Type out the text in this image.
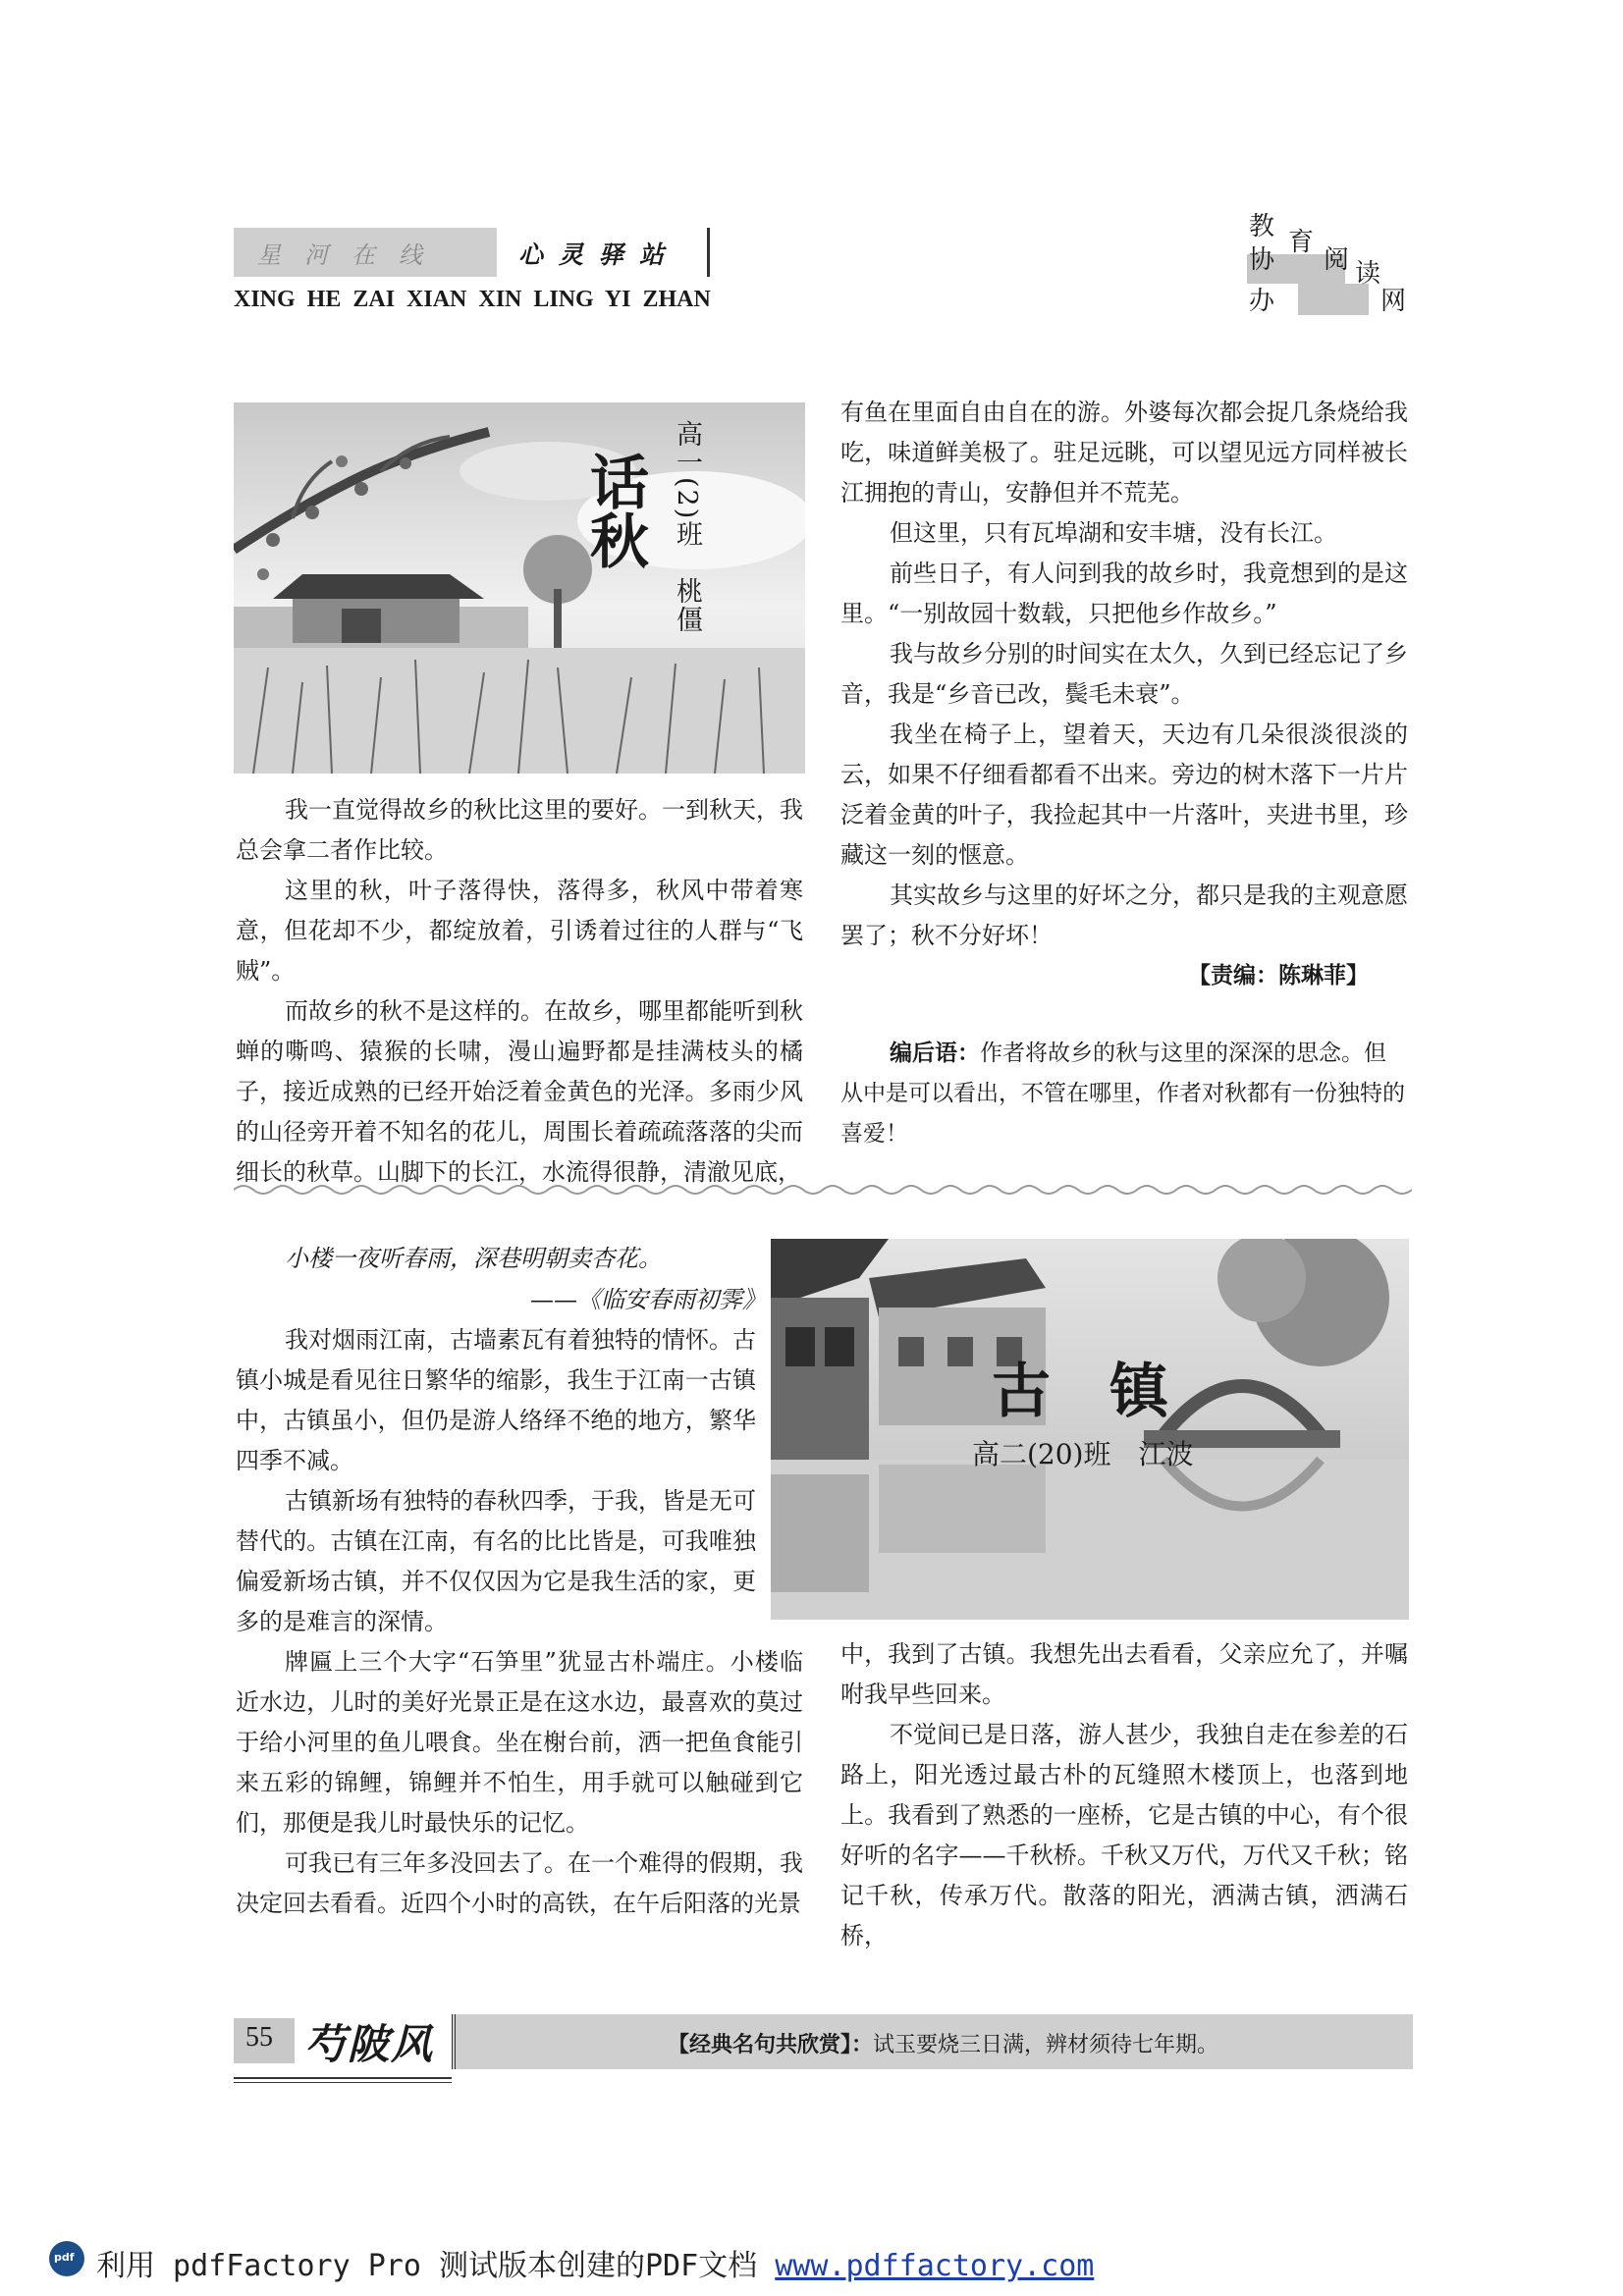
星河在线	心灵驿站
XING HE ZAI XIAN XIN LING YI ZHAN
教
育
阅 读
协
办	网
话秋 高一(2)班　桃僵

我一直觉得故乡的秋比这里的要好。一到秋天，我总会拿二者作比较。

这里的秋，叶子落得快，落得多，秋风中带着寒意，但花却不少，都绽放着，引诱着过往的人群与“飞贼”。

而故乡的秋不是这样的。在故乡，哪里都能听到秋蝉的嘶鸣、猿猴的长啸，漫山遍野都是挂满枝头的橘子，接近成熟的已经开始泛着金黄色的光泽。多雨少风的山径旁开着不知名的花儿，周围长着疏疏落落的尖而细长的秋草。山脚下的长江，水流得很静，清澈见底，

有鱼在里面自由自在的游。外婆每次都会捉几条烧给我吃，味道鲜美极了。驻足远眺，可以望见远方同样被长江拥抱的青山，安静但并不荒芜。

但这里，只有瓦埠湖和安丰塘，没有长江。

前些日子，有人问到我的故乡时，我竟想到的是这里。“一别故园十数载，只把他乡作故乡。”

我与故乡分别的时间实在太久，久到已经忘记了乡音，我是“乡音已改，鬓毛未衰”。

我坐在椅子上，望着天，天边有几朵很淡很淡的云，如果不仔细看都看不出来。旁边的树木落下一片片泛着金黄的叶子，我捡起其中一片落叶，夹进书里，珍藏这一刻的惬意。

其实故乡与这里的好坏之分，都只是我的主观意愿罢了；秋不分好坏！

【责编：陈琳菲】
编后语：作者将故乡的秋与这里的深深的思念。但从中是可以看出，不管在哪里，作者对秋都有一份独特的喜爱！
古镇
高二(20)班　江波
小楼一夜听春雨，深巷明朝卖杏花。
——《临安春雨初霁》

我对烟雨江南，古墙素瓦有着独特的情怀。古镇小城是看见往日繁华的缩影，我生于江南一古镇中，古镇虽小，但仍是游人络绎不绝的地方，繁华四季不减。

古镇新场有独特的春秋四季，于我，皆是无可替代的。古镇在江南，有名的比比皆是，可我唯独偏爱新场古镇，并不仅仅因为它是我生活的家，更多的是难言的深情。

牌匾上三个大字“石笋里”犹显古朴端庄。小楼临近水边，儿时的美好光景正是在这水边，最喜欢的莫过于给小河里的鱼儿喂食。坐在榭台前，洒一把鱼食能引来五彩的锦鲤，锦鲤并不怕生，用手就可以触碰到它们，那便是我儿时最快乐的记忆。

可我已有三年多没回去了。在一个难得的假期，我决定回去看看。近四个小时的高铁，在午后阳落的光景

中，我到了古镇。我想先出去看看，父亲应允了，并嘱咐我早些回来。

不觉间已是日落，游人甚少，我独自走在参差的石路上，阳光透过最古朴的瓦缝照木楼顶上，也落到地上。我看到了熟悉的一座桥，它是古镇的中心，有个很好听的名字——千秋桥。千秋又万代，万代又千秋；铭记千秋，传承万代。散落的阳光，洒满古镇，洒满石桥，

55 芍陂风	【经典名句共欣赏】：试玉要烧三日满，辨材须待七年期。
pdf 利用 pdfFactory Pro 测试版本创建的PDF文档 www.pdffactory.com
